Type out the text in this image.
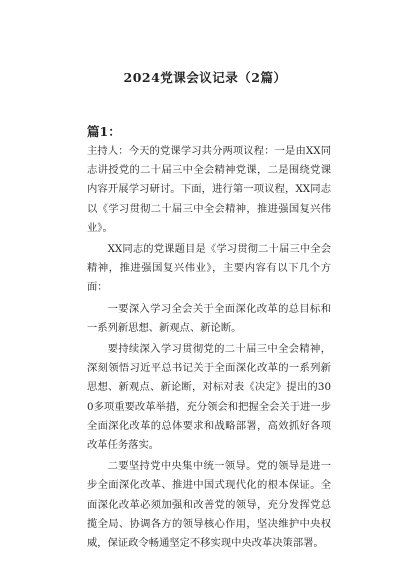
2024党课会议记录（2篇）
篇1：

主持人：今天的党课学习共分两项议程：一是由XX同志讲授党的二十届三中全会精神党课，二是围绕党课内容开展学习研讨。下面，进行第一项议程，XX同志以《学习贯彻二十届三中全会精神，推进强国复兴伟业》。

XX同志的党课题目是《学习贯彻二十届三中全会精神，推进强国复兴伟业》，主要内容有以下几个方面：

一要深入学习全会关于全面深化改革的总目标和一系列新思想、新观点、新论断。

要持续深入学习贯彻党的二十届三中全会精神，深刻领悟习近平总书记关于全面深化改革的一系列新思想、新观点、新论断，对标对表《决定》提出的300多项重要改革举措，充分领会和把握全会关于进一步全面深化改革的总体要求和战略部署，高效抓好各项改革任务落实。

二要坚持党中央集中统一领导。党的领导是进一步全面深化改革、推进中国式现代化的根本保证。全面深化改革必须加强和改善党的领导，充分发挥党总揽全局、协调各方的领导核心作用，坚决维护中央权威，保证政令畅通坚定不移实现中央改革决策部署。
